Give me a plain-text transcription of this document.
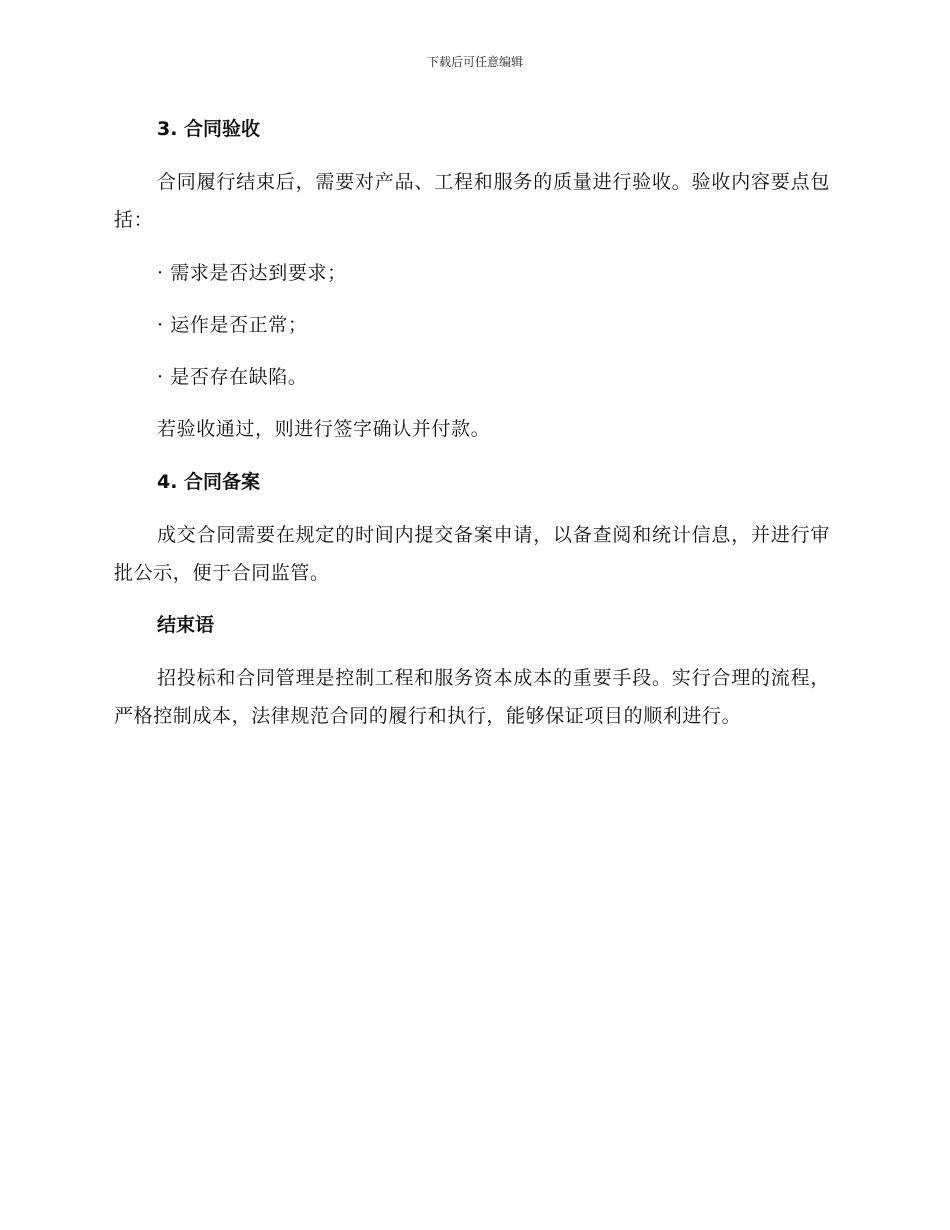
下载后可任意编辑
3. 合同验收

合同履行结束后，需要对产品、工程和服务的质量进行验收。验收内容要点包括：

· 需求是否达到要求；

· 运作是否正常；

· 是否存在缺陷。

若验收通过，则进行签字确认并付款。

4. 合同备案

成交合同需要在规定的时间内提交备案申请，以备查阅和统计信息，并进行审批公示，便于合同监管。

结束语

招投标和合同管理是控制工程和服务资本成本的重要手段。实行合理的流程，严格控制成本，法律规范合同的履行和执行，能够保证项目的顺利进行。
